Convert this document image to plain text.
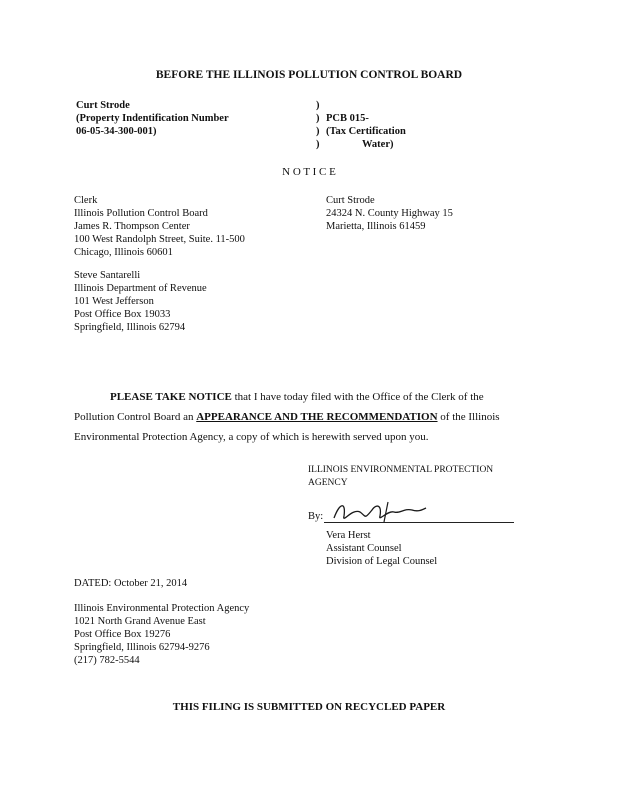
BEFORE THE ILLINOIS POLLUTION CONTROL BOARD
Curt Strode
(Property Indentification Number
06-05-34-300-001)
)
)
)
)
PCB 015-
(Tax Certification
Water)
N O T I C E
Clerk
Illinois Pollution Control Board
James R. Thompson Center
100 West Randolph Street, Suite. 11-500
Chicago, Illinois 60601
Curt Strode
24324 N. County Highway 15
Marietta, Illinois 61459
Steve Santarelli
Illinois Department of Revenue
101 West Jefferson
Post Office Box 19033
Springfield, Illinois 62794
PLEASE TAKE NOTICE that I have today filed with the Office of the Clerk of the
Pollution Control Board an APPEARANCE AND THE RECOMMENDATION of the Illinois
Environmental Protection Agency, a copy of which is herewith served upon you.
ILLINOIS ENVIRONMENTAL PROTECTION
AGENCY
By:
Vera Herst
Assistant Counsel
Division of Legal Counsel
DATED: October 21, 2014
Illinois Environmental Protection Agency
1021 North Grand Avenue East
Post Office Box 19276
Springfield, Illinois 62794-9276
(217) 782-5544
THIS FILING IS SUBMITTED ON RECYCLED PAPER
